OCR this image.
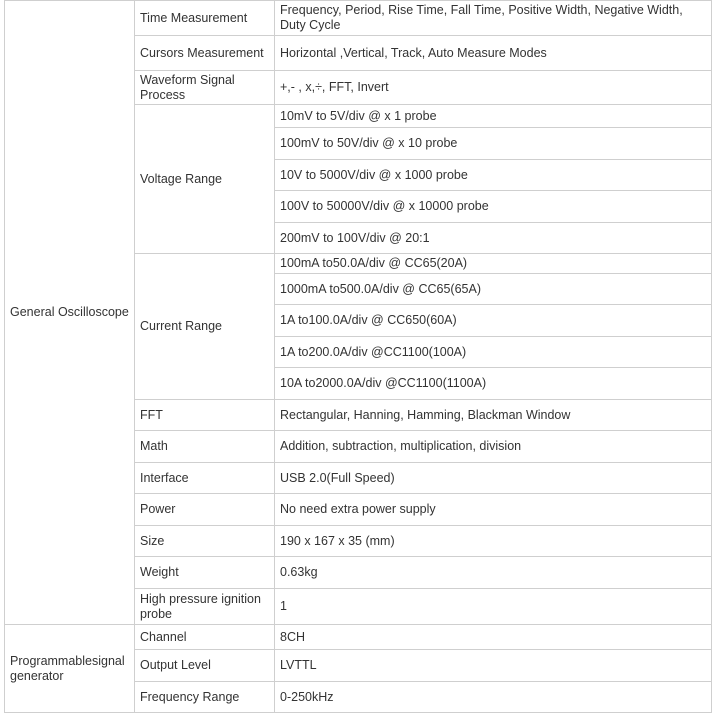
General Oscilloscope	Time Measurement	Frequency, Period, Rise Time, Fall Time, Positive Width, Negative Width, Duty Cycle
	Cursors Measurement	Horizontal ,Vertical, Track, Auto Measure Modes
	Waveform Signal Process	+,- , x,÷, FFT, Invert
	Voltage Range	10mV to 5V/div @ x 1 probe
		100mV to 50V/div @ x 10 probe
		10V to 5000V/div @ x 1000 probe
		100V to 50000V/div @ x 10000 probe
		200mV to 100V/div @ 20:1
	Current Range	100mA to50.0A/div @ CC65(20A)
		1000mA to500.0A/div @ CC65(65A)
		1A to100.0A/div @ CC650(60A)
		1A to200.0A/div @CC1100(100A)
		10A to2000.0A/div @CC1100(1100A)
	FFT	Rectangular, Hanning, Hamming, Blackman Window
	Math	Addition, subtraction, multiplication, division
	Interface	USB 2.0(Full Speed)
	Power	No need extra power supply
	Size	190 x 167 x 35 (mm)
	Weight	0.63kg
	High pressure ignition probe	1
Programmablesignal generator	Channel	8CH
	Output Level	LVTTL
	Frequency Range	0-250kHz
